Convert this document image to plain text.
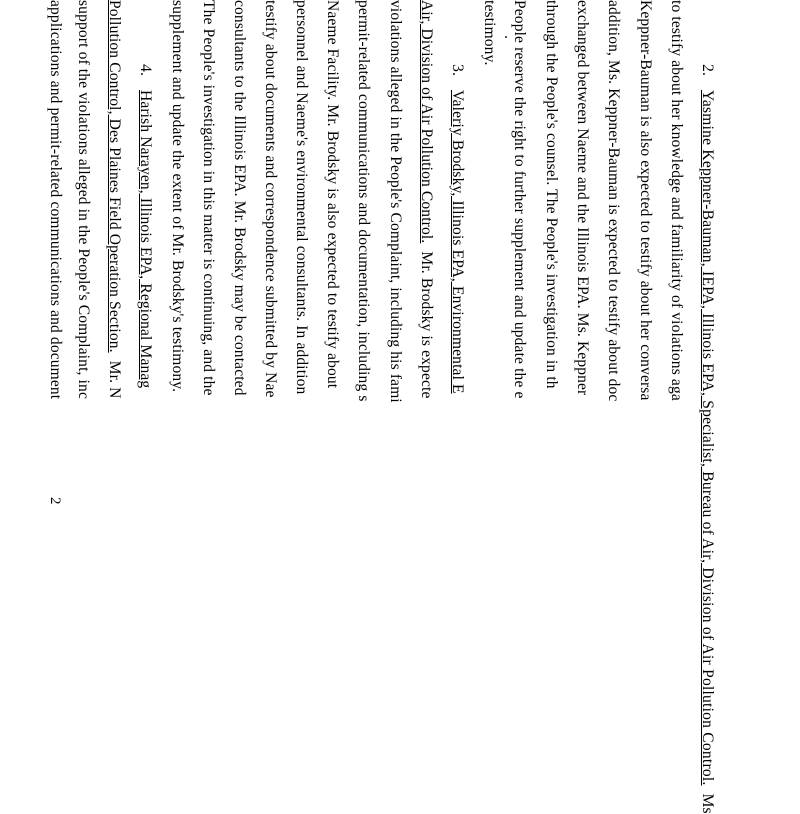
2.Yasmine Keppner-Bauman, IEPA, Illinois EPA, Specialist, Bureau of Air, Division of Air Pollution Control.  Ms
to testify about her knowledge and familiarity of violations aga
Keppner-Bauman is also expected to testify about her conversa
addition, Ms. Keppner-Bauman is expected to testify about doc
exchanged between Naeme and the Illinois EPA. Ms. Keppner
through the People's counsel. The People's investigation in th
People reserve the right to further supplement and update the e
testimony.
3.Valeriy Brodsky, Illinois EPA, Environmental E
Air, Division of Air Pollution Control.  Mr. Brodsky is expecte
violations alleged in the People's Complaint, including his fami
permit-related communications and documentation, including s
Naeme Facility. Mr. Brodsky is also expected to testify about
personnel and Naeme's environmental consultants. In addition
testify about documents and correspondence submitted by Nae
consultants to the Illinois EPA. Mr. Brodsky may be contacted
The People's investigation in this matter is continuing, and the
supplement and update the extent of Mr. Brodsky's testimony.
4.Harish Narayen, Illinois EPA, Regional Manag
Pollution Control, Des Plaines Field Operation Section.  Mr. N
support of the violations alleged in the People's Complaint, inc
applications and permit-related communications and document
2
